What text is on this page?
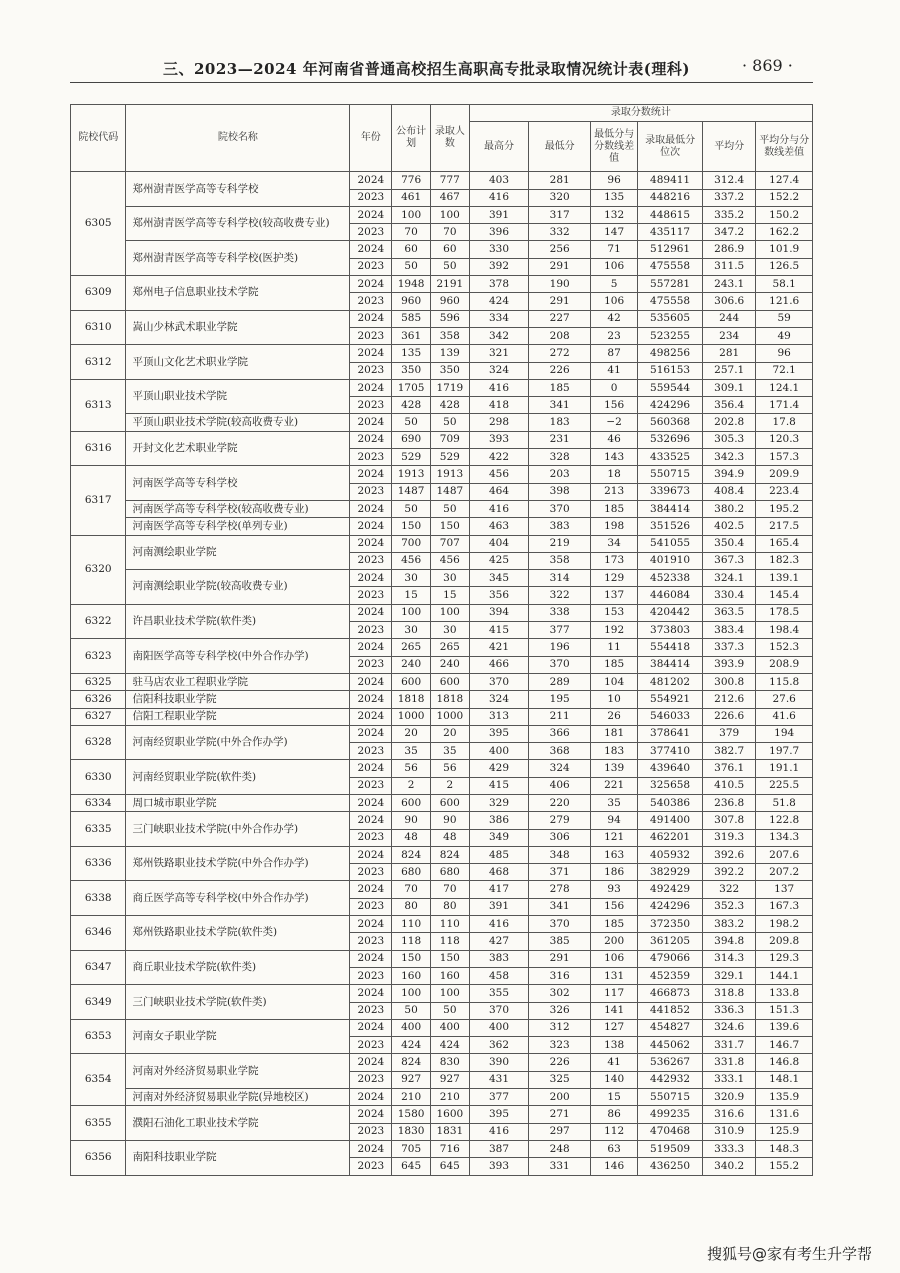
三、2023—2024 年河南省普通高校招生高职高专批录取情况统计表(理科)	· 869 ·
院校代码	院校名称	年份	公布计划	录取人数	录取分数统计					
					最高分	最低分	最低分与分数线差值	录取最低分位次	平均分	平均分与分数线差值
6305	郑州澍青医学高等专科学校	2024	776	777	403	281	96	489411	312.4	127.4
		2023	461	467	416	320	135	448216	337.2	152.2
	郑州澍青医学高等专科学校(较高收费专业)	2024	100	100	391	317	132	448615	335.2	150.2
		2023	70	70	396	332	147	435117	347.2	162.2
	郑州澍青医学高等专科学校(医护类)	2024	60	60	330	256	71	512961	286.9	101.9
		2023	50	50	392	291	106	475558	311.5	126.5
6309	郑州电子信息职业技术学院	2024	1948	2191	378	190	5	557281	243.1	58.1
		2023	960	960	424	291	106	475558	306.6	121.6
6310	嵩山少林武术职业学院	2024	585	596	334	227	42	535605	244	59
		2023	361	358	342	208	23	523255	234	49
6312	平顶山文化艺术职业学院	2024	135	139	321	272	87	498256	281	96
		2023	350	350	324	226	41	516153	257.1	72.1
6313	平顶山职业技术学院	2024	1705	1719	416	185	0	559544	309.1	124.1
		2023	428	428	418	341	156	424296	356.4	171.4
	平顶山职业技术学院(较高收费专业)	2024	50	50	298	183	−2	560368	202.8	17.8
6316	开封文化艺术职业学院	2024	690	709	393	231	46	532696	305.3	120.3
		2023	529	529	422	328	143	433525	342.3	157.3
6317	河南医学高等专科学校	2024	1913	1913	456	203	18	550715	394.9	209.9
		2023	1487	1487	464	398	213	339673	408.4	223.4
	河南医学高等专科学校(较高收费专业)	2024	50	50	416	370	185	384414	380.2	195.2
	河南医学高等专科学校(单列专业)	2024	150	150	463	383	198	351526	402.5	217.5
6320	河南测绘职业学院	2024	700	707	404	219	34	541055	350.4	165.4
		2023	456	456	425	358	173	401910	367.3	182.3
	河南测绘职业学院(较高收费专业)	2024	30	30	345	314	129	452338	324.1	139.1
		2023	15	15	356	322	137	446084	330.4	145.4
6322	许昌职业技术学院(软件类)	2024	100	100	394	338	153	420442	363.5	178.5
		2023	30	30	415	377	192	373803	383.4	198.4
6323	南阳医学高等专科学校(中外合作办学)	2024	265	265	421	196	11	554418	337.3	152.3
		2023	240	240	466	370	185	384414	393.9	208.9
6325	驻马店农业工程职业学院	2024	600	600	370	289	104	481202	300.8	115.8
6326	信阳科技职业学院	2024	1818	1818	324	195	10	554921	212.6	27.6
6327	信阳工程职业学院	2024	1000	1000	313	211	26	546033	226.6	41.6
6328	河南经贸职业学院(中外合作办学)	2024	20	20	395	366	181	378641	379	194
		2023	35	35	400	368	183	377410	382.7	197.7
6330	河南经贸职业学院(软件类)	2024	56	56	429	324	139	439640	376.1	191.1
		2023	2	2	415	406	221	325658	410.5	225.5
6334	周口城市职业学院	2024	600	600	329	220	35	540386	236.8	51.8
6335	三门峡职业技术学院(中外合作办学)	2024	90	90	386	279	94	491400	307.8	122.8
		2023	48	48	349	306	121	462201	319.3	134.3
6336	郑州铁路职业技术学院(中外合作办学)	2024	824	824	485	348	163	405932	392.6	207.6
		2023	680	680	468	371	186	382929	392.2	207.2
6338	商丘医学高等专科学校(中外合作办学)	2024	70	70	417	278	93	492429	322	137
		2023	80	80	391	341	156	424296	352.3	167.3
6346	郑州铁路职业技术学院(软件类)	2024	110	110	416	370	185	372350	383.2	198.2
		2023	118	118	427	385	200	361205	394.8	209.8
6347	商丘职业技术学院(软件类)	2024	150	150	383	291	106	479066	314.3	129.3
		2023	160	160	458	316	131	452359	329.1	144.1
6349	三门峡职业技术学院(软件类)	2024	100	100	355	302	117	466873	318.8	133.8
		2023	50	50	370	326	141	441852	336.3	151.3
6353	河南女子职业学院	2024	400	400	400	312	127	454827	324.6	139.6
		2023	424	424	362	323	138	445062	331.7	146.7
6354	河南对外经济贸易职业学院	2024	824	830	390	226	41	536267	331.8	146.8
		2023	927	927	431	325	140	442932	333.1	148.1
	河南对外经济贸易职业学院(异地校区)	2024	210	210	377	200	15	550715	320.9	135.9
6355	濮阳石油化工职业技术学院	2024	1580	1600	395	271	86	499235	316.6	131.6
		2023	1830	1831	416	297	112	470468	310.9	125.9
6356	南阳科技职业学院	2024	705	716	387	248	63	519509	333.3	148.3
		2023	645	645	393	331	146	436250	340.2	155.2
搜狐号@家有考生升学帮
